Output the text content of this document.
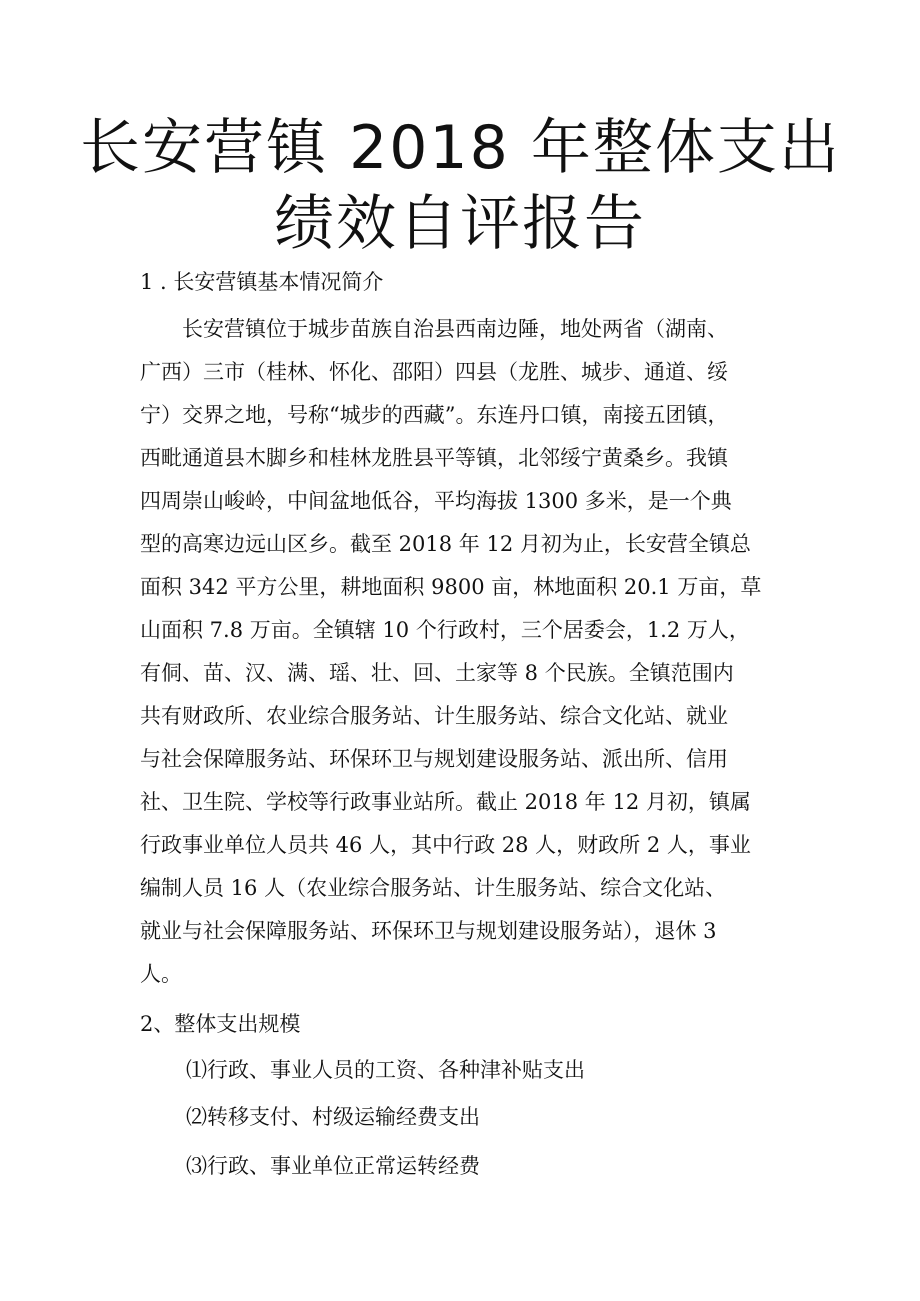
长安营镇 2018 年整体支出
绩效自评报告
1 . 长安营镇基本情况简介
　　长安营镇位于城步苗族自治县西南边陲，地处两省（湖南、
广西）三市（桂林、怀化、邵阳）四县（龙胜、城步、通道、绥
宁）交界之地，号称“城步的西藏”。东连丹口镇，南接五团镇，
西毗通道县木脚乡和桂林龙胜县平等镇，北邻绥宁黄桑乡。我镇
四周崇山峻岭，中间盆地低谷，平均海拔 1300 多米，是一个典
型的高寒边远山区乡。截至 2018 年 12 月初为止，长安营全镇总
面积 342 平方公里，耕地面积 9800 亩，林地面积 20.1 万亩，草
山面积 7.8 万亩。全镇辖 10 个行政村，三个居委会，1.2 万人，
有侗、苗、汉、满、瑶、壮、回、土家等 8 个民族。全镇范围内
共有财政所、农业综合服务站、计生服务站、综合文化站、就业
与社会保障服务站、环保环卫与规划建设服务站、派出所、信用
社、卫生院、学校等行政事业站所。截止 2018 年 12 月初，镇属
行政事业单位人员共 46 人，其中行政 28 人，财政所 2 人，事业
编制人员 16 人（农业综合服务站、计生服务站、综合文化站、
就业与社会保障服务站、环保环卫与规划建设服务站），退休 3
人。
2、整体支出规模
⑴行政、事业人员的工资、各种津补贴支出
⑵转移支付、村级运输经费支出
⑶行政、事业单位正常运转经费
